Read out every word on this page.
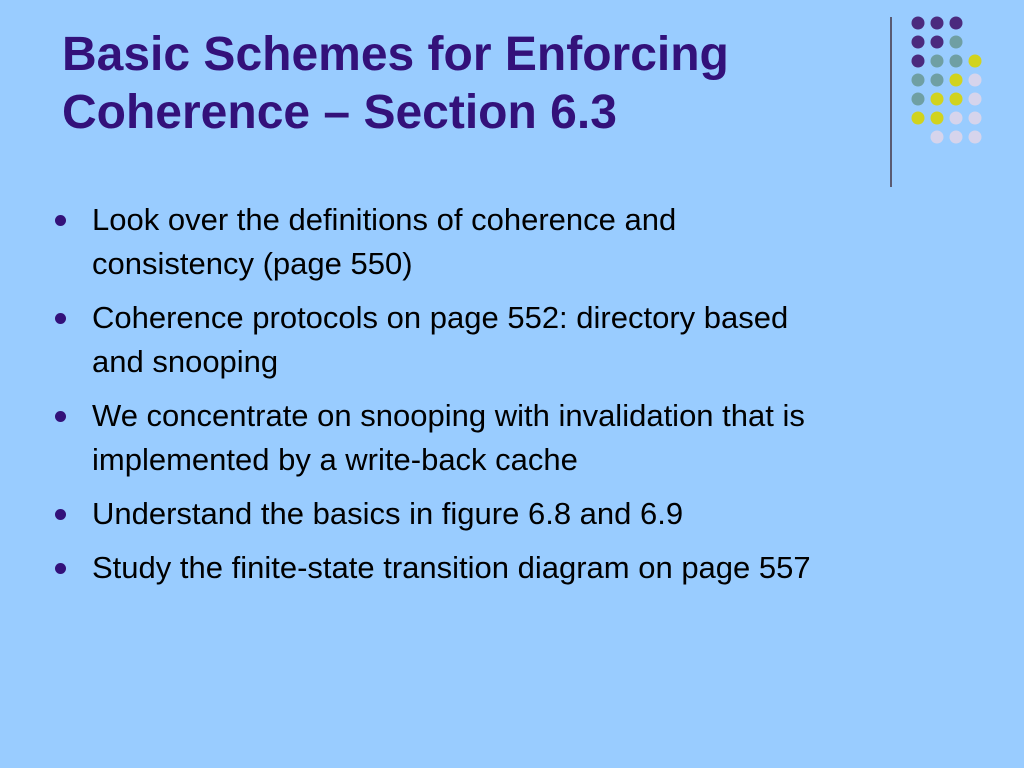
Basic Schemes for Enforcing
Coherence – Section 6.3
Look over the definitions of coherence and
consistency (page 550)
Coherence protocols on page 552: directory based
and snooping
We concentrate on snooping with invalidation that is
implemented by a write-back cache
Understand the basics in figure 6.8 and 6.9
Study the finite-state transition diagram on page 557
